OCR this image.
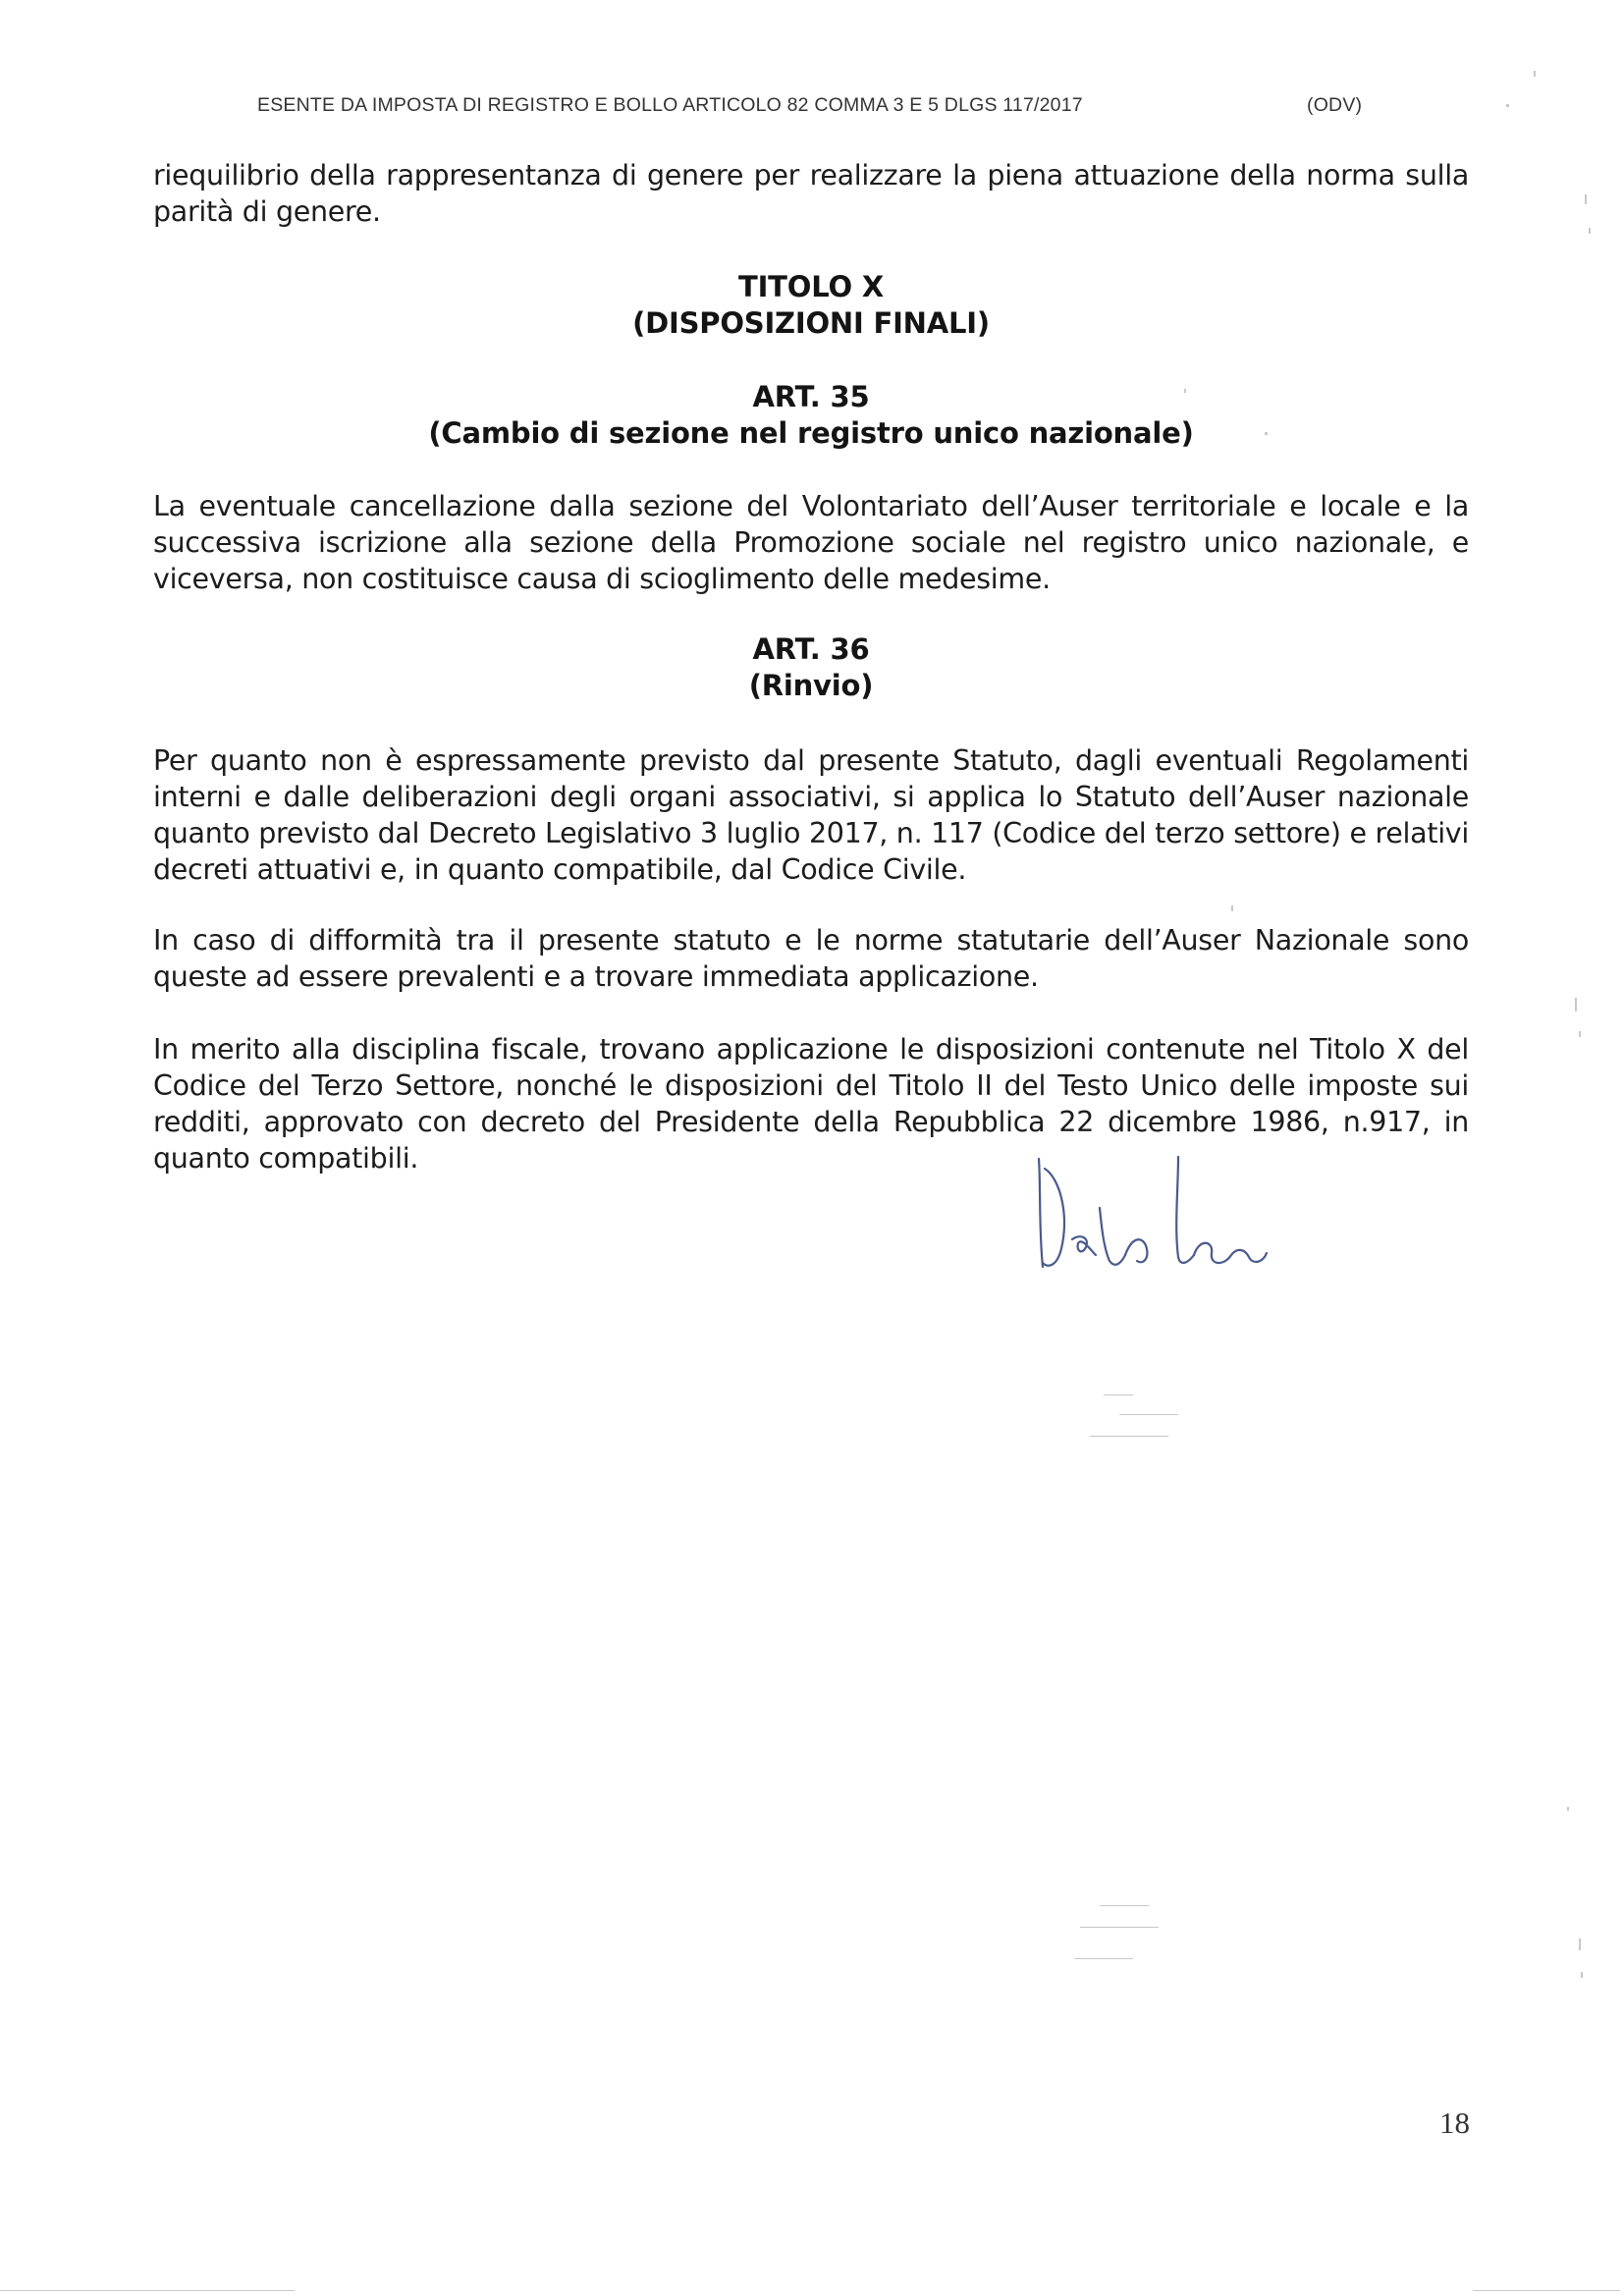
ESENTE DA IMPOSTA DI REGISTRO E BOLLO ARTICOLO 82 COMMA 3 E 5 DLGS 117/2017	(ODV)
riequilibrio della rappresentanza di genere per realizzare la piena attuazione della norma sulla parità di genere.
TITOLO X
(DISPOSIZIONI FINALI)
ART. 35
(Cambio di sezione nel registro unico nazionale)
La eventuale cancellazione dalla sezione del Volontariato dell’Auser territoriale e locale e la successiva iscrizione alla sezione della Promozione sociale nel registro unico nazionale, e viceversa, non costituisce causa di scioglimento delle medesime.
ART. 36
(Rinvio)
Per quanto non è espressamente previsto dal presente Statuto, dagli eventuali Regolamenti interni e dalle deliberazioni degli organi associativi, si applica lo Statuto dell’Auser nazionale quanto previsto dal Decreto Legislativo 3 luglio 2017, n. 117 (Codice del terzo settore) e relativi decreti attuativi e, in quanto compatibile, dal Codice Civile.
In caso di difformità tra il presente statuto e le norme statutarie dell’Auser Nazionale sono queste ad essere prevalenti e a trovare immediata applicazione.
In merito alla disciplina fiscale, trovano applicazione le disposizioni contenute nel Titolo X del Codice del Terzo Settore, nonché le disposizioni del Titolo II del Testo Unico delle imposte sui redditi, approvato con decreto del Presidente della Repubblica 22 dicembre 1986, n.917, in quanto compatibili.
18
